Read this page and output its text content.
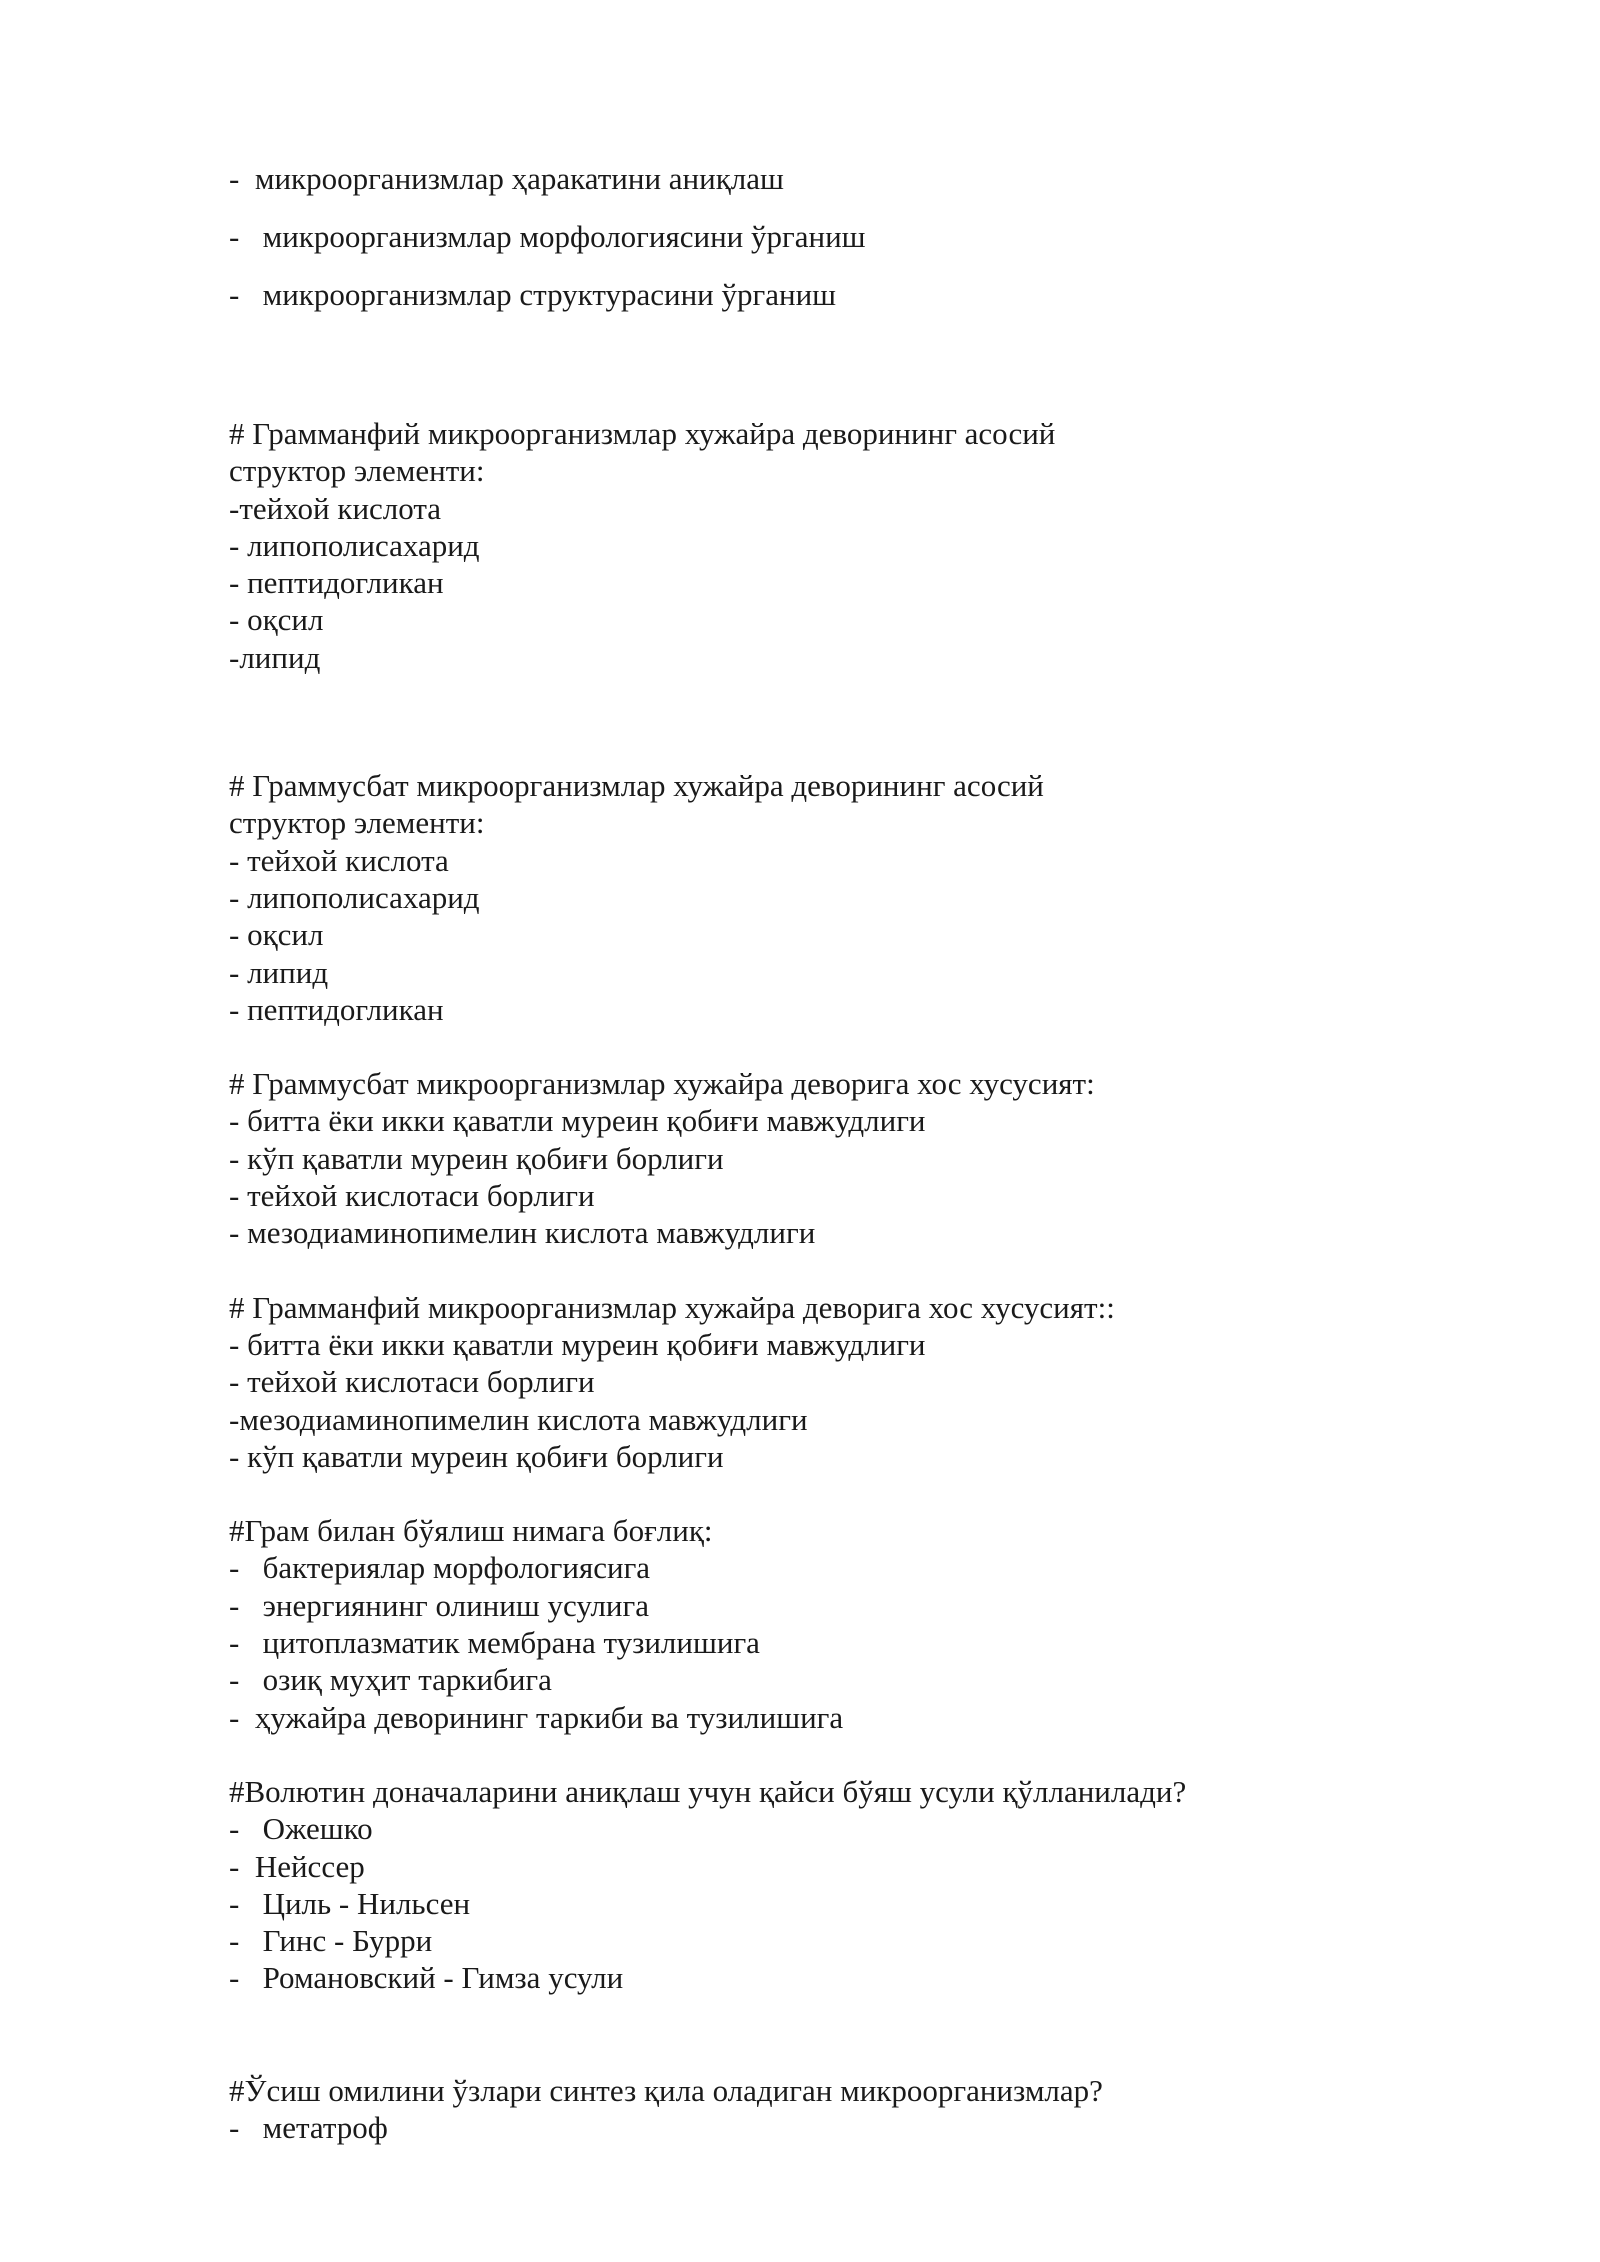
-  микроорганизмлар ҳаракатини аниқлаш
-   микроорганизмлар морфологиясини ўрганиш
-   микроорганизмлар структурасини ўрганиш
# Грамманфий микроорганизмлар хужайра деворининг асосий
структор элементи:
-тейхой кислота
- липополисахарид
- пептидогликан
- оқсил
-липид
# Граммусбат микроорганизмлар хужайра деворининг асосий
структор элементи:
- тейхой кислота
- липополисахарид
- оқсил
- липид
- пептидогликан
# Граммусбат микроорганизмлар хужайра деворига хос хусусият:
- битта ёки икки қаватли муреин қобиғи мавжудлиги
- кўп қаватли муреин қобиғи борлиги
- тейхой кислотаси борлиги
- мезодиаминопимелин кислота мавжудлиги
# Грамманфий микроорганизмлар хужайра деворига хос хусусият::
- битта ёки икки қаватли муреин қобиғи мавжудлиги
- тейхой кислотаси борлиги
-мезодиаминопимелин кислота мавжудлиги
- кўп қаватли муреин қобиғи борлиги
#Грам билан бўялиш нимага боғлиқ:
-   бактериялар морфологиясига
-   энергиянинг олиниш усулига
-   цитоплазматик мембрана тузилишига
-   озиқ муҳит таркибига
-  ҳужайра деворининг таркиби ва тузилишига
#Волютин доначаларини аниқлаш учун қайси бўяш усули қўлланилади?
-   Ожешко
-  Нейссер
-   Циль - Нильсен
-   Гинс - Бурри
-   Романовский - Гимза усули
#Ўсиш омилини ўзлари синтез қила оладиган микроорганизмлар?
-   метатроф
